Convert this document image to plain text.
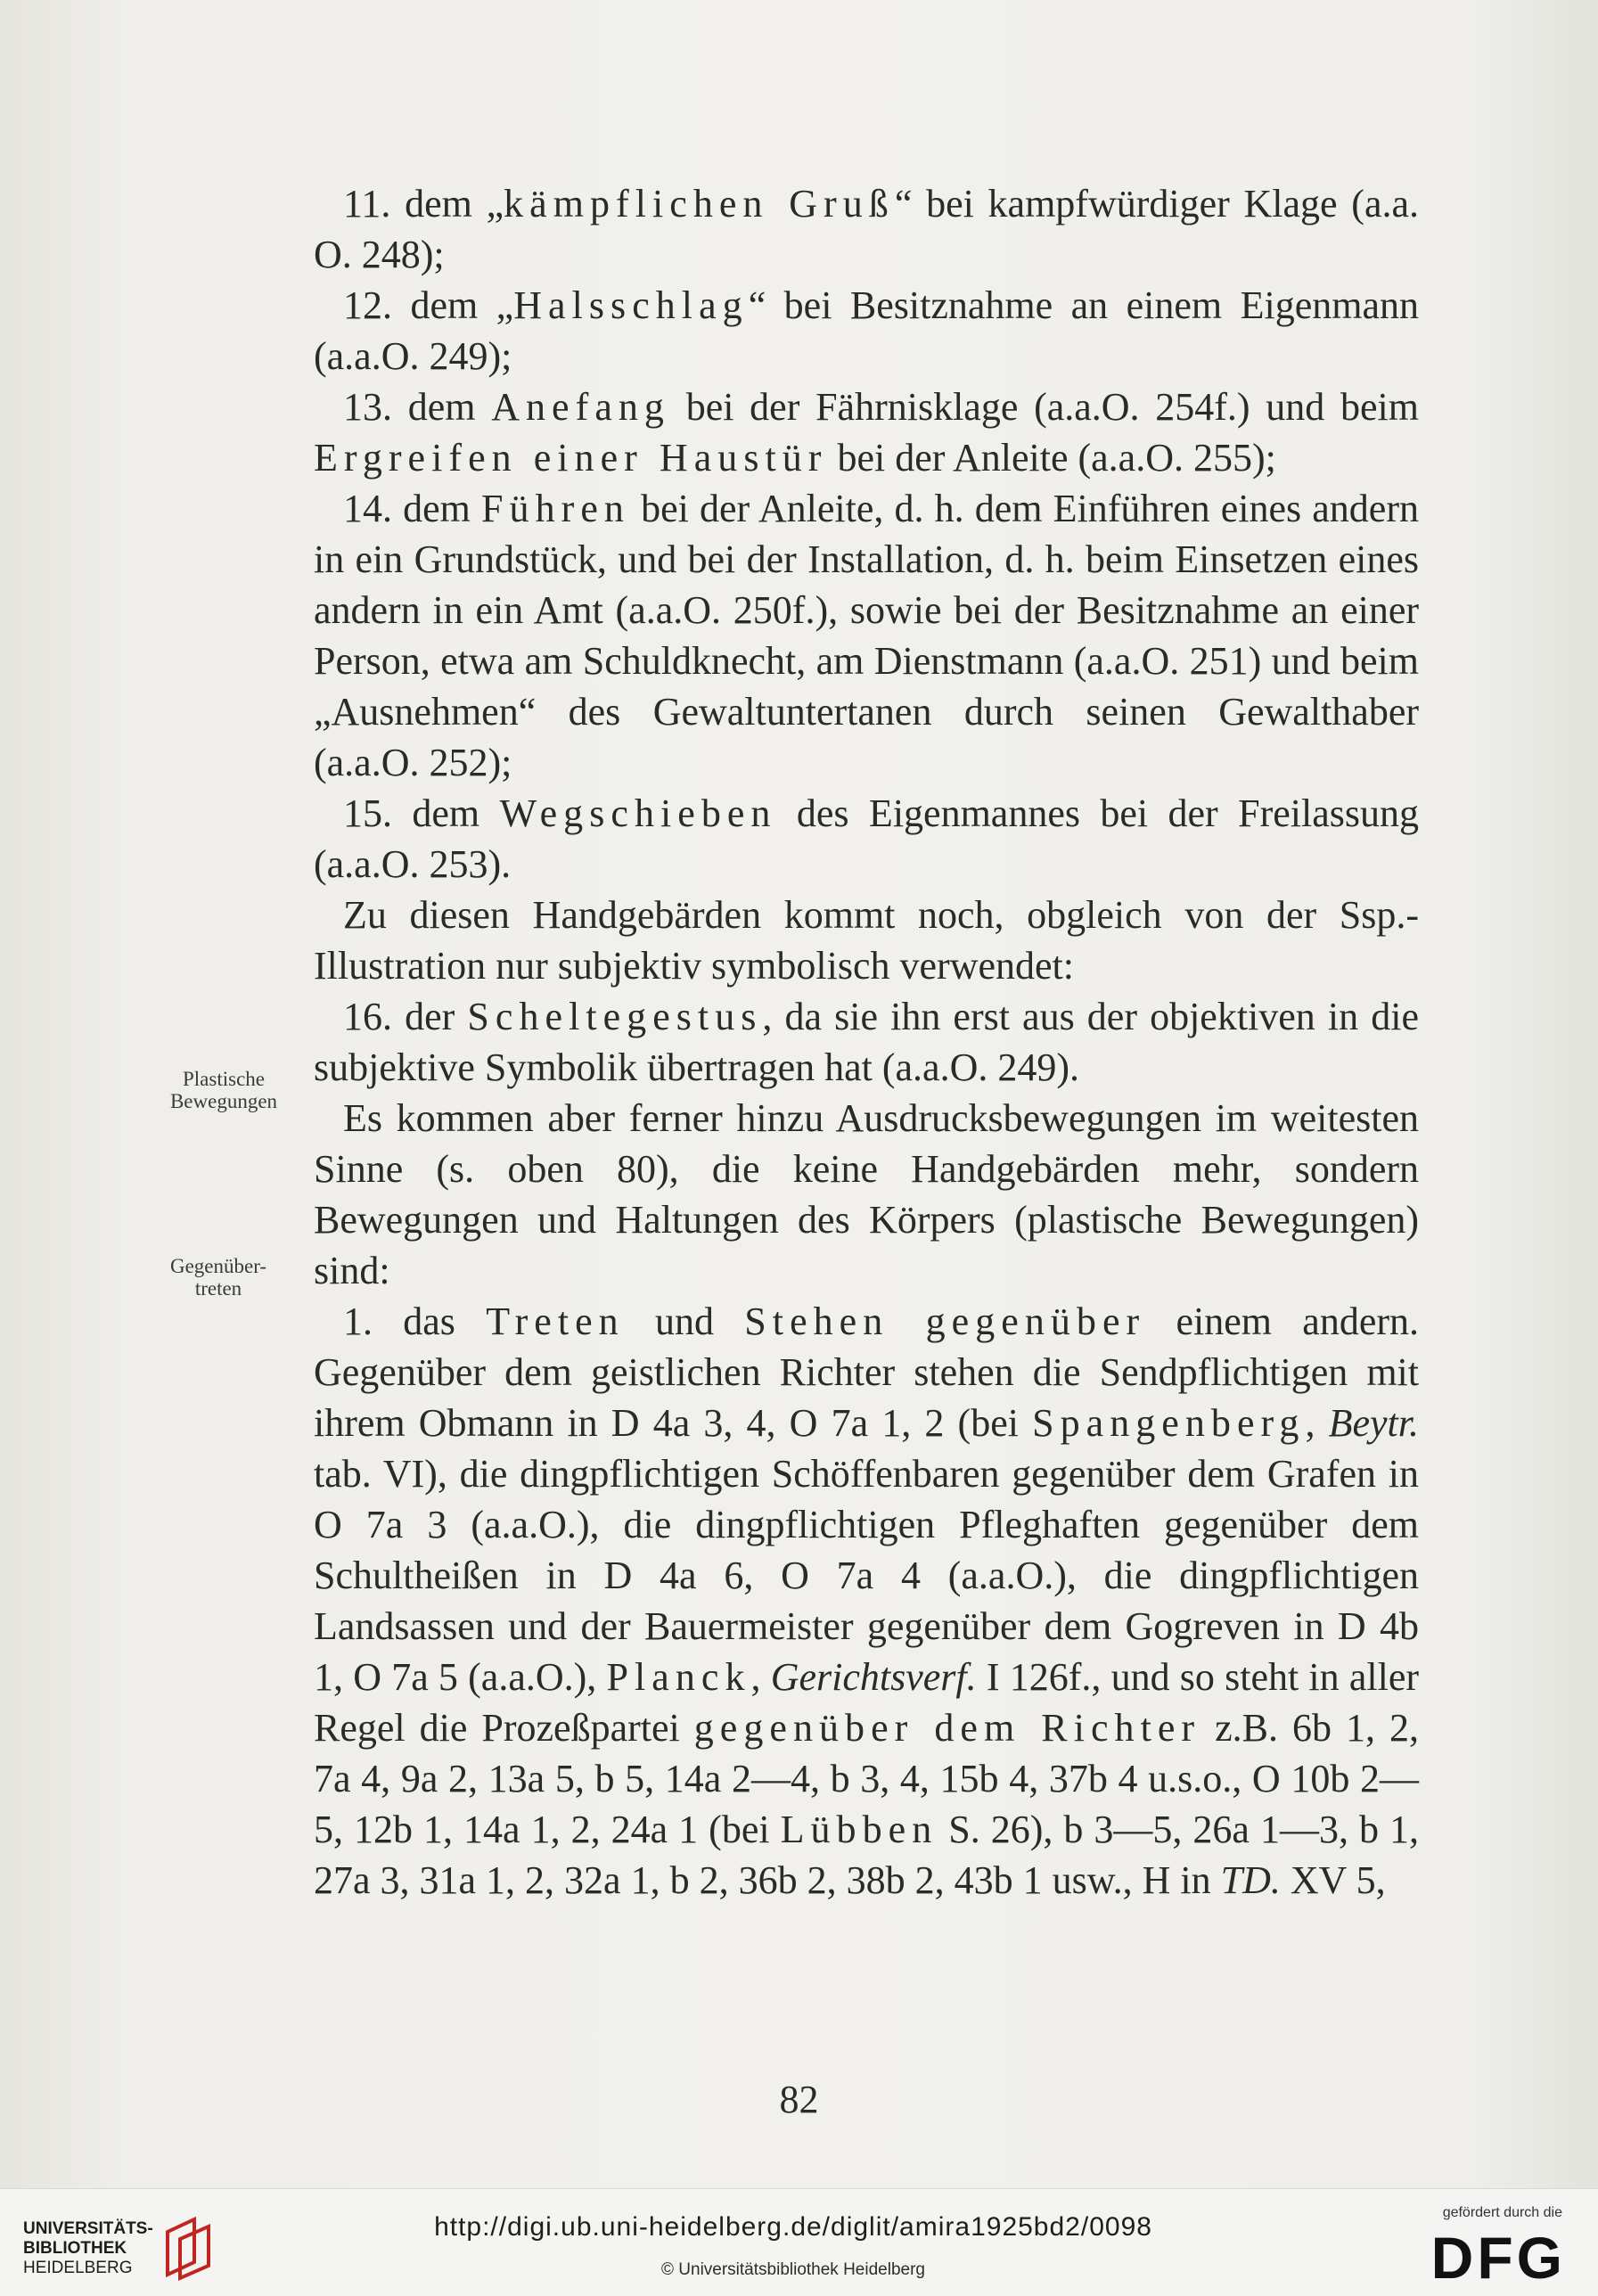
Plastische
Bewegungen
Gegenüber-
treten

11. dem „kämpflichen Gruß“ bei kampfwürdiger Klage (a.a. O. 248);

12. dem „Halsschlag“ bei Besitznahme an einem Eigenmann (a.a.O. 249);

13. dem Anefang bei der Fährnisklage (a.a.O. 254f.) und beim Ergreifen einer Haustür bei der Anleite (a.a.O. 255);

14. dem Führen bei der Anleite, d. h. dem Einführen eines andern in ein Grundstück, und bei der Installation, d. h. beim Einsetzen eines andern in ein Amt (a.a.O. 250f.), sowie bei der Besitznahme an einer Person, etwa am Schuldknecht, am Dienstmann (a.a.O. 251) und beim „Ausnehmen“ des Gewaltuntertanen durch seinen Gewalthaber (a.a.O. 252);

15. dem Wegschieben des Eigenmannes bei der Freilassung (a.a.O. 253).

Zu diesen Handgebärden kommt noch, obgleich von der Ssp.-Illustration nur subjektiv symbolisch verwendet:

16. der Scheltegestus, da sie ihn erst aus der objektiven in die subjektive Symbolik übertragen hat (a.a.O. 249).

Es kommen aber ferner hinzu Ausdrucksbewegungen im weitesten Sinne (s. oben 80), die keine Handgebärden mehr, sondern Bewegungen und Haltungen des Körpers (plastische Bewegungen) sind:

1. das Treten und Stehen gegenüber einem andern. Gegenüber dem geistlichen Richter stehen die Sendpflichtigen mit ihrem Obmann in D 4a 3, 4, O 7a 1, 2 (bei Spangenberg, Beytr. tab. VI), die dingpflichtigen Schöffenbaren gegenüber dem Grafen in O 7a 3 (a.a.O.), die dingpflichtigen Pfleghaften gegenüber dem Schultheißen in D 4a 6, O 7a 4 (a.a.O.), die dingpflichtigen Landsassen und der Bauermeister gegenüber dem Gogreven in D 4b 1, O 7a 5 (a.a.O.), Planck, Gerichtsverf. I 126f., und so steht in aller Regel die Prozeßpartei gegenüber dem Richter z.B. 6b 1, 2, 7a 4, 9a 2, 13a 5, b 5, 14a 2—4, b 3, 4, 15b 4, 37b 4 u.s.o., O 10b 2—5, 12b 1, 14a 1, 2, 24a 1 (bei Lübben S. 26), b 3—5, 26a 1—3, b 1, 27a 3, 31a 1, 2, 32a 1, b 2, 36b 2, 38b 2, 43b 1 usw., H in TD. XV 5,

82
UNIVERSITÄTS-
BIBLIOTHEK
HEIDELBERG
http://digi.ub.uni-heidelberg.de/diglit/amira1925bd2/0098
© Universitätsbibliothek Heidelberg
gefördert durch die
DFG
